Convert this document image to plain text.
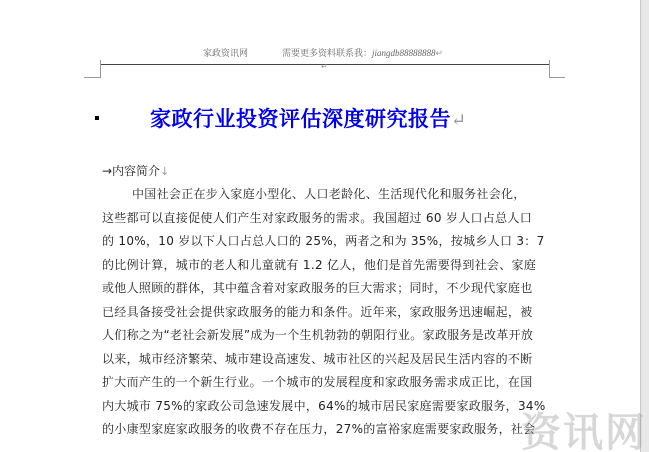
家政资讯网	需要更多资料联系我：jiangdb88888888↵
↵
家政行业投资评估深度研究报告↵
→内容简介↓
中国社会正在步入家庭小型化、人口老龄化、生活现代化和服务社会化，
这些都可以直接促使人们产生对家政服务的需求。我国超过 60 岁人口占总人口
的 10%，10 岁以下人口占总人口的 25%，两者之和为 35%，按城乡人口 3：7
的比例计算，城市的老人和儿童就有 1.2 亿人，他们是首先需要得到社会、家庭
或他人照顾的群体，其中蕴含着对家政服务的巨大需求；同时，不少现代家庭也
已经具备接受社会提供家政服务的能力和条件。近年来，家政服务迅速崛起，被
人们称之为“老社会新发展”成为一个生机勃勃的朝阳行业。家政服务是改革开放
以来，城市经济繁荣、城市建设高速发、城市社区的兴起及居民生活内容的不断
扩大而产生的一个新生行业。一个城市的发展程度和家政服务需求成正比，在国
内大城市 75%的家政公司急速发展中，64%的城市居民家庭需要家政服务，34%
的小康型家庭家政服务的收费不存在压力，27%的富裕家庭需要家政服务，社会
资讯网
